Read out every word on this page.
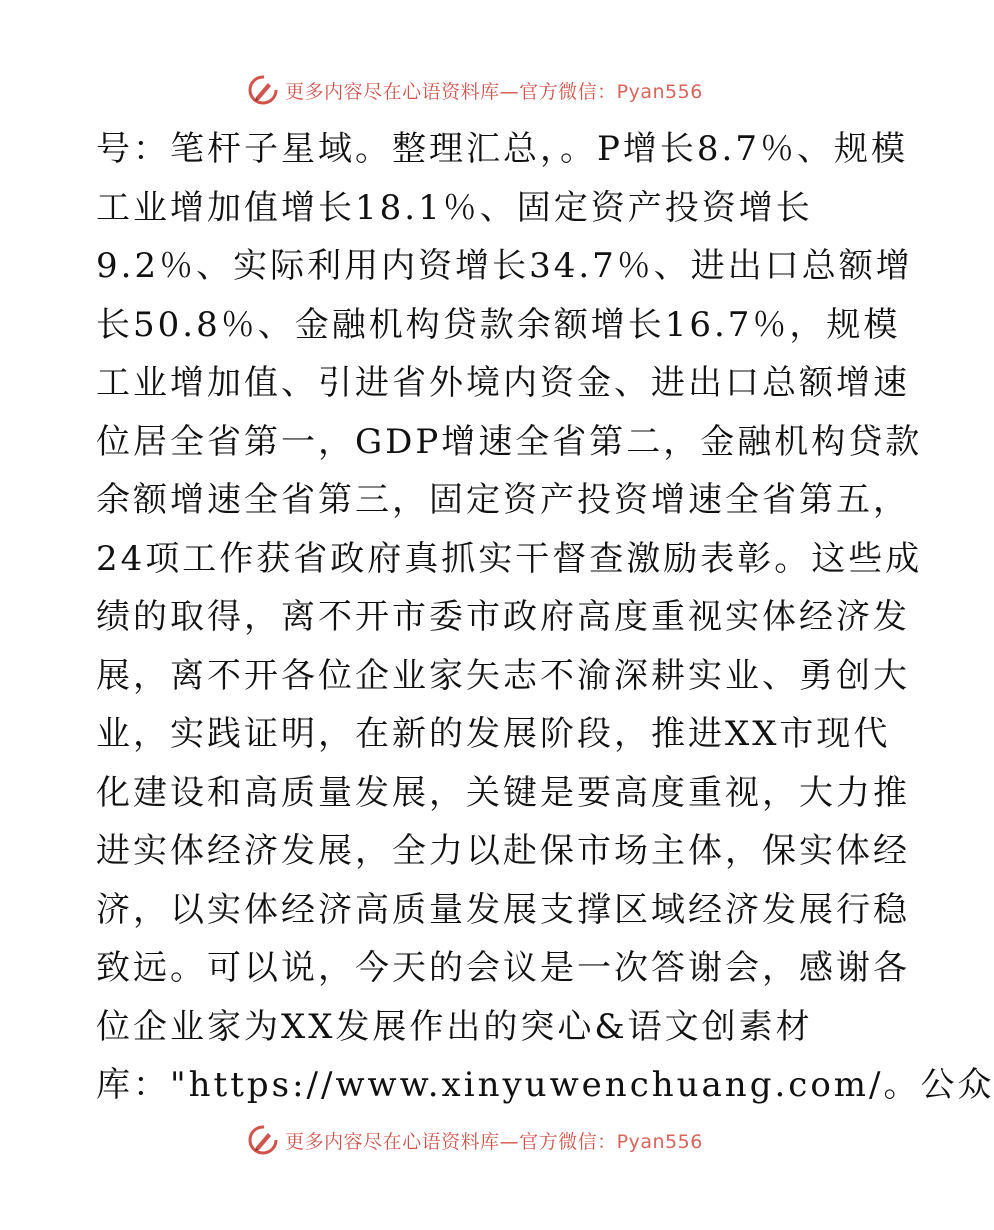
更多内容尽在心语资料库—官方微信：Pyan556
号：笔杆子星域。整理汇总，。P增长8.7％、规模
工业增加值增长18.1％、固定资产投资增长
9.2％、实际利用内资增长34.7％、进出口总额增
长50.8％、金融机构贷款余额增长16.7％，规模
工业增加值、引进省外境内资金、进出口总额增速
位居全省第一，GDP增速全省第二，金融机构贷款
余额增速全省第三，固定资产投资增速全省第五，
24项工作获省政府真抓实干督查激励表彰。这些成
绩的取得，离不开市委市政府高度重视实体经济发
展，离不开各位企业家矢志不渝深耕实业、勇创大
业，实践证明，在新的发展阶段，推进XX市现代
化建设和高质量发展，关键是要高度重视，大力推
进实体经济发展，全力以赴保市场主体，保实体经
济，以实体经济高质量发展支撑区域经济发展行稳
致远。可以说，今天的会议是一次答谢会，感谢各
位企业家为XX发展作出的突心&语文创素材
库："https://www.xinyuwenchuang.com/。公众
更多内容尽在心语资料库—官方微信：Pyan556
